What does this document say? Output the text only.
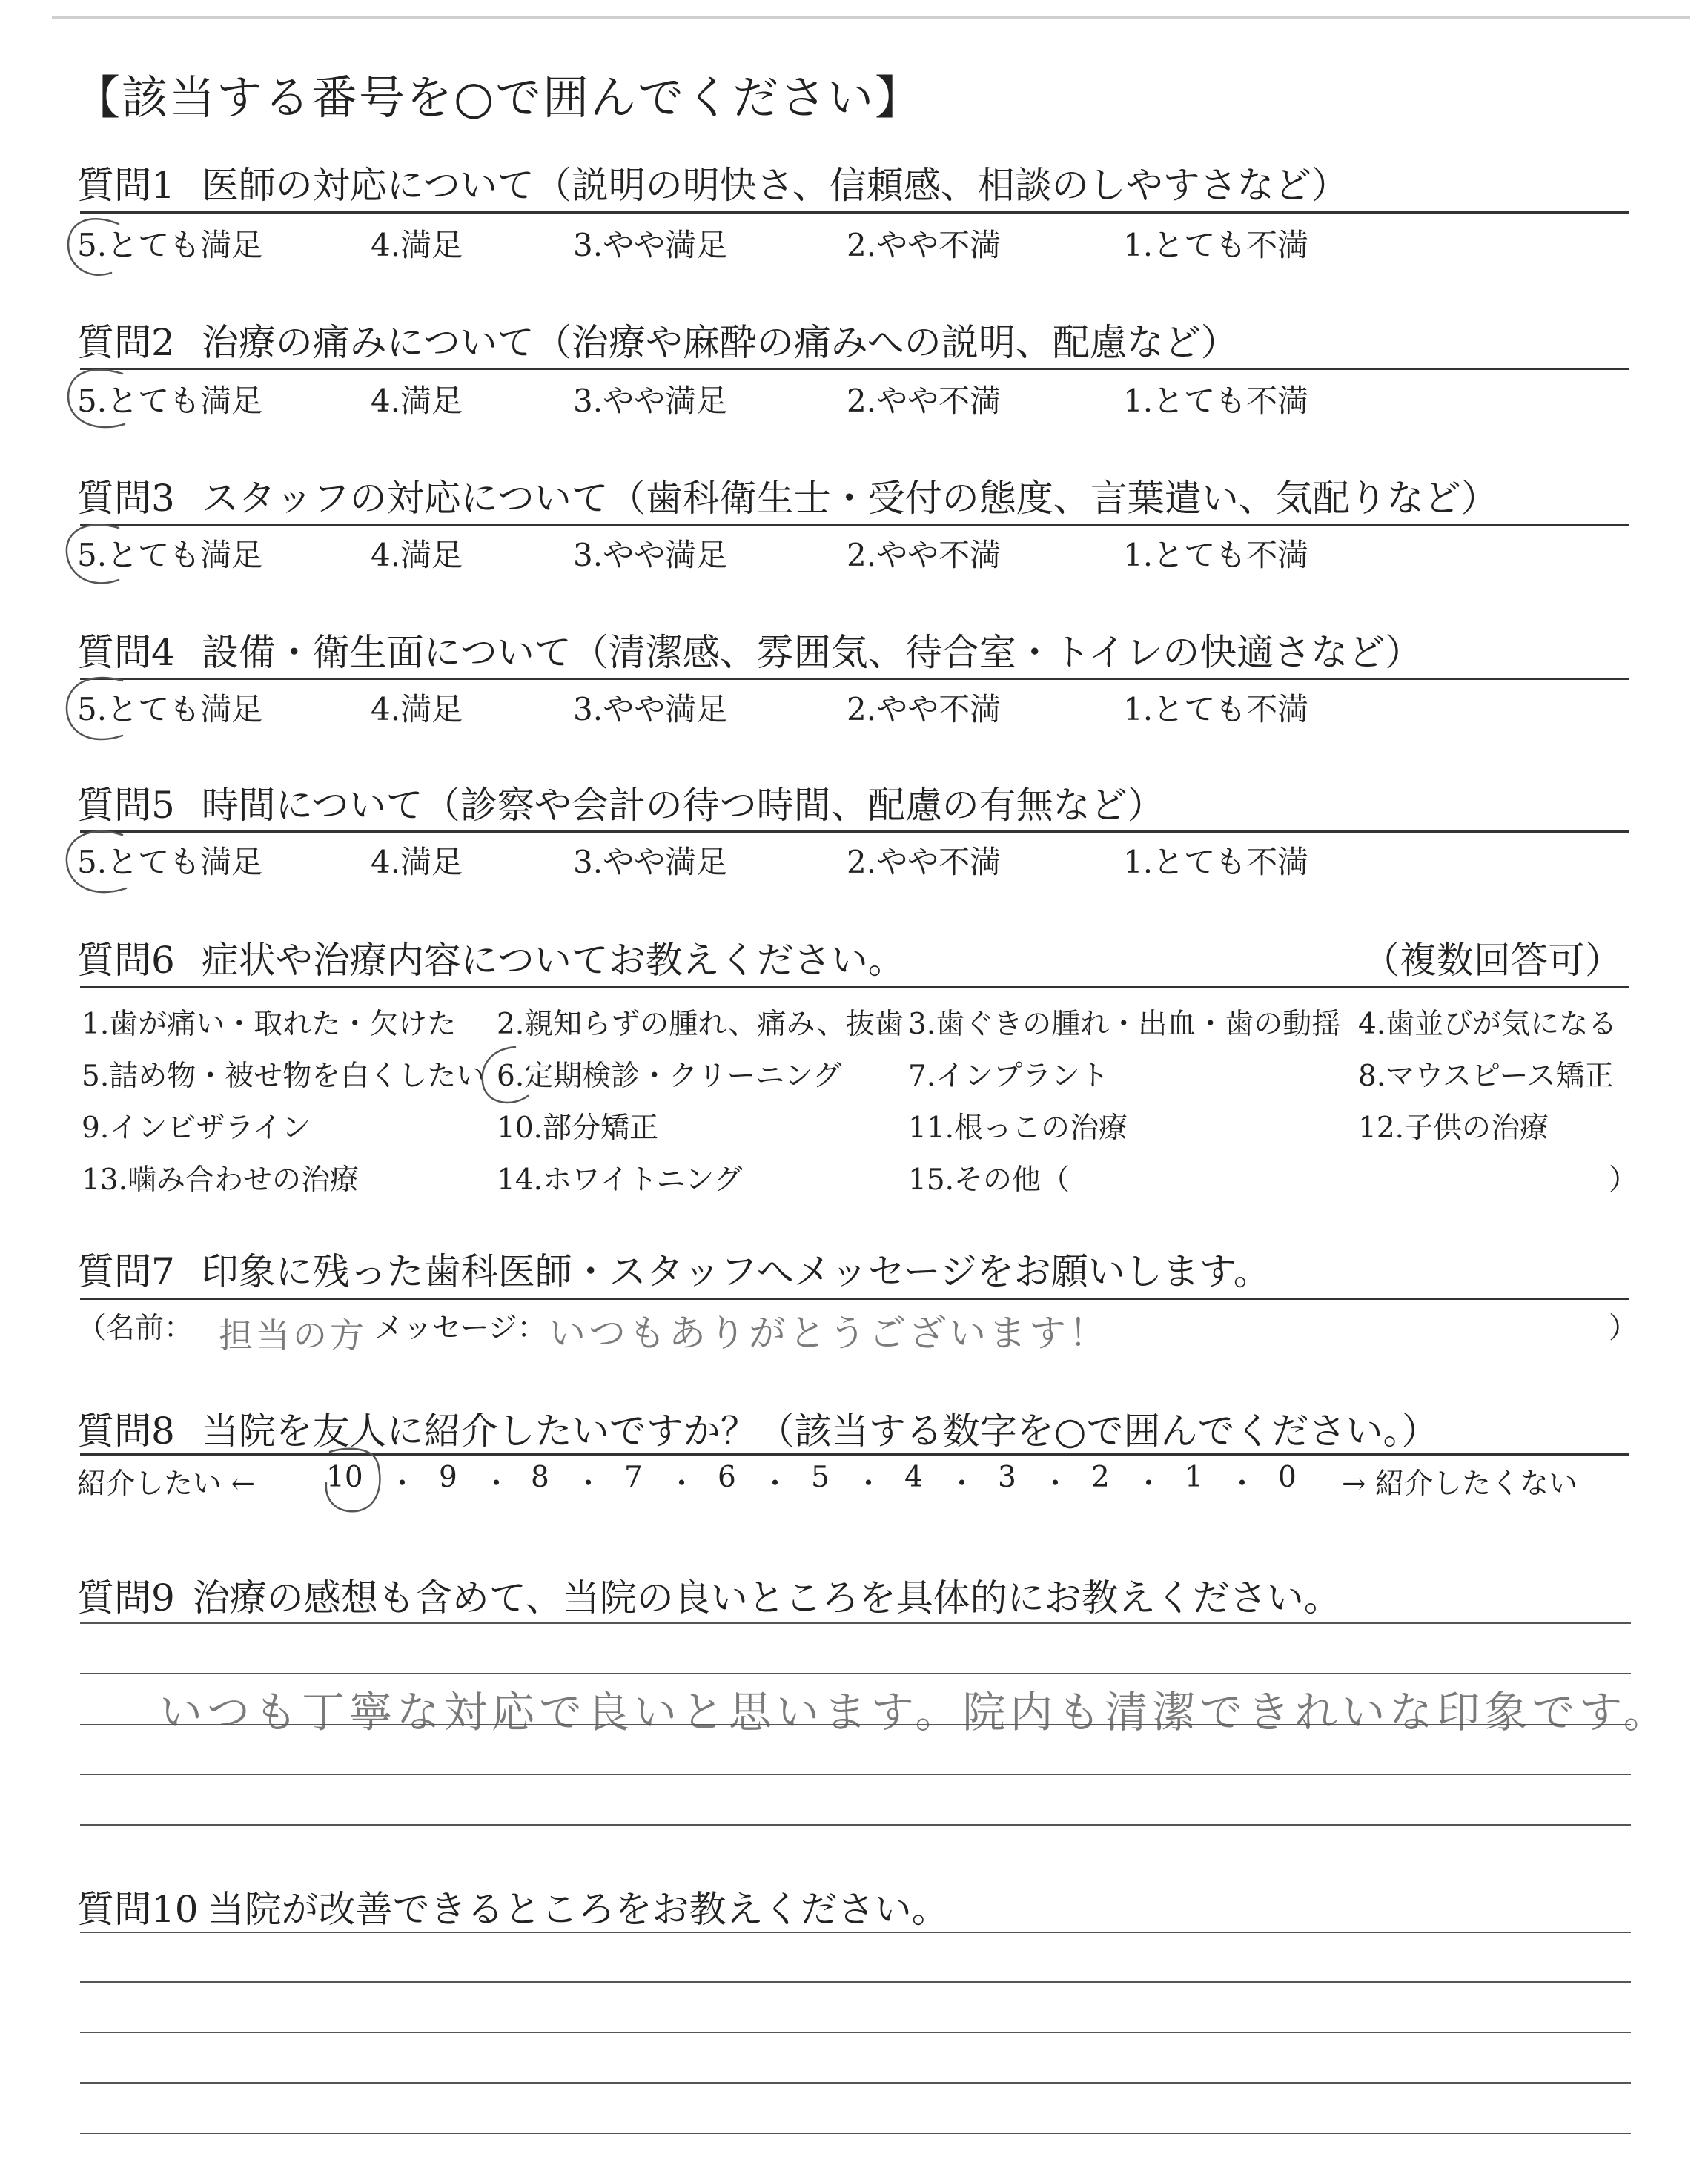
【該当する番号を○で囲んでください】
質問1 医師の対応について（説明の明快さ、信頼感、相談のしやすさなど）
5.とても満足	4.満足	3.やや満足	2.やや不満	1.とても不満
質問2 治療の痛みについて（治療や麻酔の痛みへの説明、配慮など）
5.とても満足	4.満足	3.やや満足	2.やや不満	1.とても不満
質問3 スタッフの対応について（歯科衛生士・受付の態度、言葉遣い、気配りなど）
5.とても満足	4.満足	3.やや満足	2.やや不満	1.とても不満
質問4 設備・衛生面について（清潔感、雰囲気、待合室・トイレの快適さなど）
5.とても満足	4.満足	3.やや満足	2.やや不満	1.とても不満
質問5 時間について（診察や会計の待つ時間、配慮の有無など）
5.とても満足	4.満足	3.やや満足	2.やや不満	1.とても不満
質問6 症状や治療内容についてお教えください。	（複数回答可）
1.歯が痛い・取れた・欠けた 2.親知らずの腫れ、痛み、抜歯 3.歯ぐきの腫れ・出血・歯の動揺 4.歯並びが気になる
5.詰め物・被せ物を白くしたい 6.定期検診・クリーニング 7.インプラント	8.マウスピース矯正
9.インビザライン	10.部分矯正	11.根っこの治療	12.子供の治療
13.噛み合わせの治療	14.ホワイトニング	15.その他（	）
質問7 印象に残った歯科医師・スタッフへメッセージをお願いします。
（名前： 担当の方 メッセージ： いつもありがとうございます！	）
質問8 当院を友人に紹介したいですか？（該当する数字を○で囲んでください。）
紹介したい ← 10 ・ 9 ・ 8 ・ 7 ・ 6 ・ 5 ・ 4 ・ 3 ・ 2 ・ 1 ・ 0 → 紹介したくない
質問9 治療の感想も含めて、当院の良いところを具体的にお教えください。
いつも丁寧な対応で良いと思います。院内も清潔できれいな印象です。
質問10 当院が改善できるところをお教えください。
